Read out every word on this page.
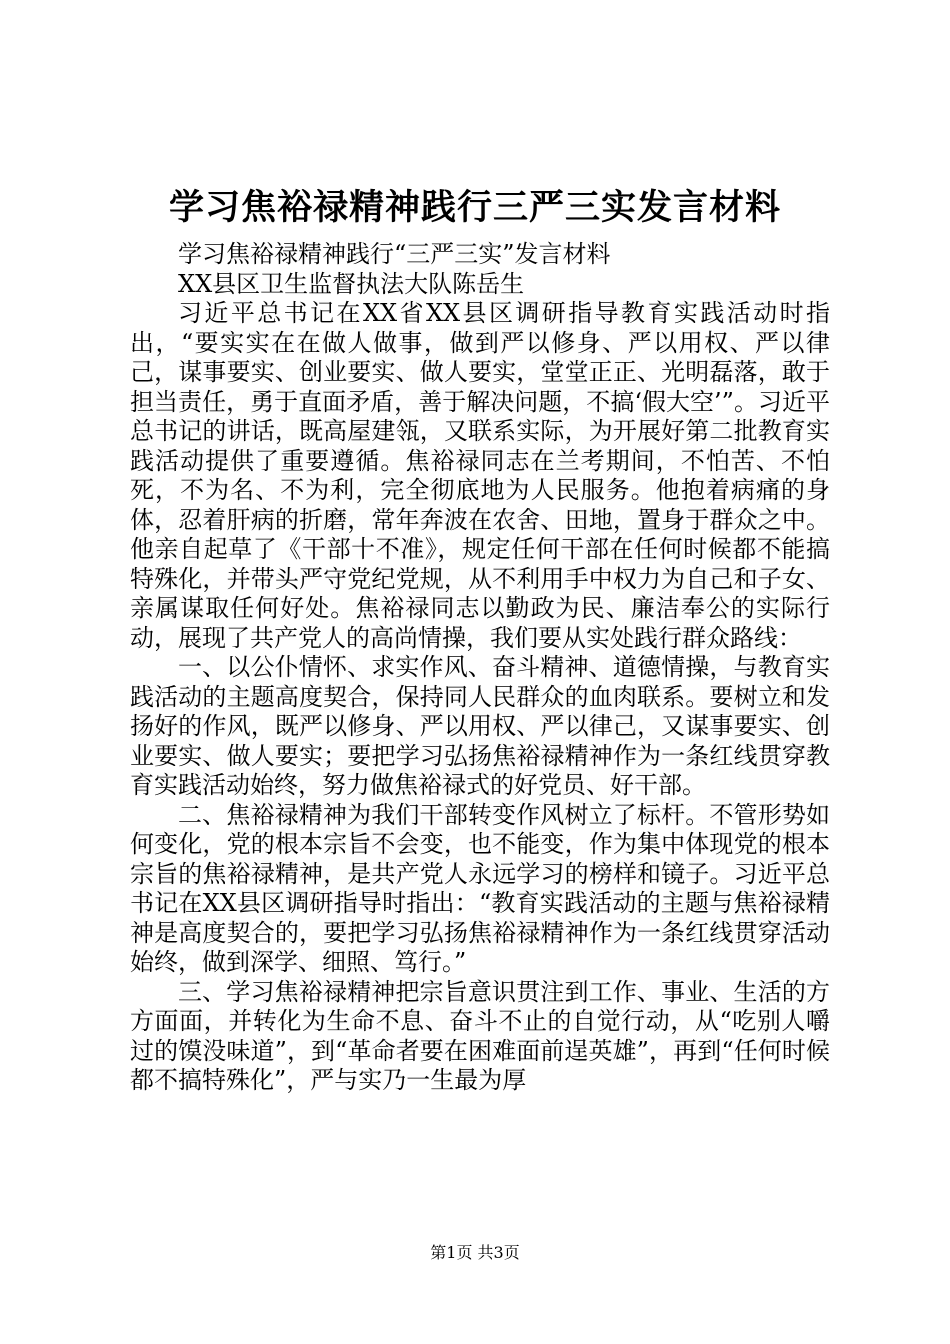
学习焦裕禄精神践行三严三实发言材料

学习焦裕禄精神践行“三严三实”发言材料

XX县区卫生监督执法大队陈岳生

习近平总书记在XX省XX县区调研指导教育实践活动时指出，“要实实在在做人做事，做到严以修身、严以用权、严以律己，谋事要实、创业要实、做人要实，堂堂正正、光明磊落，敢于担当责任，勇于直面矛盾，善于解决问题，不搞‘假大空’”。习近平总书记的讲话，既高屋建瓴，又联系实际，为开展好第二批教育实践活动提供了重要遵循。焦裕禄同志在兰考期间，不怕苦、不怕死，不为名、不为利，完全彻底地为人民服务。他抱着病痛的身体，忍着肝病的折磨，常年奔波在农舍、田地，置身于群众之中。他亲自起草了《干部十不准》，规定任何干部在任何时候都不能搞特殊化，并带头严守党纪党规，从不利用手中权力为自己和子女、亲属谋取任何好处。焦裕禄同志以勤政为民、廉洁奉公的实际行动，展现了共产党人的高尚情操，我们要从实处践行群众路线：

一、以公仆情怀、求实作风、奋斗精神、道德情操，与教育实践活动的主题高度契合，保持同人民群众的血肉联系。要树立和发扬好的作风，既严以修身、严以用权、严以律己，又谋事要实、创业要实、做人要实；要把学习弘扬焦裕禄精神作为一条红线贯穿教育实践活动始终，努力做焦裕禄式的好党员、好干部。

二、焦裕禄精神为我们干部转变作风树立了标杆。不管形势如何变化，党的根本宗旨不会变，也不能变，作为集中体现党的根本宗旨的焦裕禄精神，是共产党人永远学习的榜样和镜子。习近平总书记在XX县区调研指导时指出：“教育实践活动的主题与焦裕禄精神是高度契合的，要把学习弘扬焦裕禄精神作为一条红线贯穿活动始终，做到深学、细照、笃行。”

三、学习焦裕禄精神把宗旨意识贯注到工作、事业、生活的方方面面，并转化为生命不息、奋斗不止的自觉行动，从“吃别人嚼过的馍没味道”，到“革命者要在困难面前逞英雄”，再到“任何时候都不搞特殊化”，严与实乃一生最为厚

第1页 共3页
